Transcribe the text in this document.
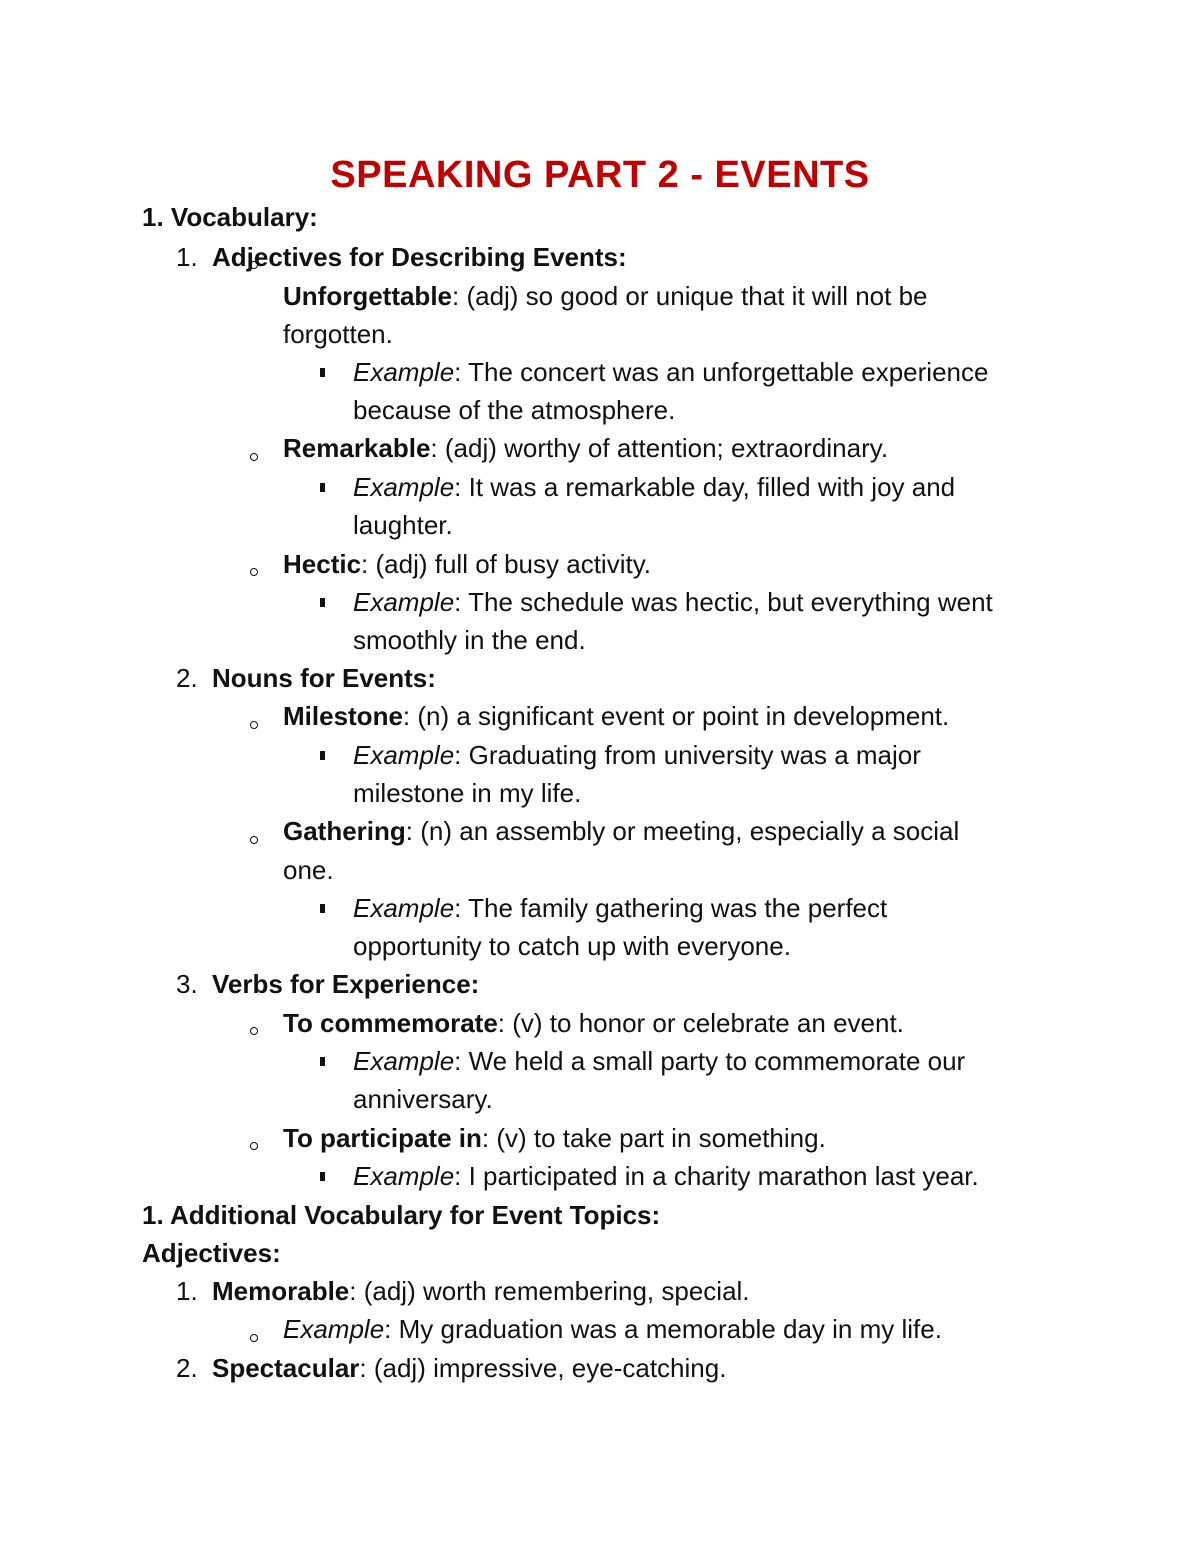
SPEAKING PART 2 - EVENTS
1. Vocabulary:
1. Adjectives for Describing Events:
Unforgettable: (adj) so good or unique that it will not be
forgotten.
Example: The concert was an unforgettable experience
because of the atmosphere.
Remarkable: (adj) worthy of attention; extraordinary.
Example: It was a remarkable day, filled with joy and
laughter.
Hectic: (adj) full of busy activity.
Example: The schedule was hectic, but everything went
smoothly in the end.
2. Nouns for Events:
Milestone: (n) a significant event or point in development.
Example: Graduating from university was a major
milestone in my life.
Gathering: (n) an assembly or meeting, especially a social
one.
Example: The family gathering was the perfect
opportunity to catch up with everyone.
3. Verbs for Experience:
To commemorate: (v) to honor or celebrate an event.
Example: We held a small party to commemorate our
anniversary.
To participate in: (v) to take part in something.
Example: I participated in a charity marathon last year.
1. Additional Vocabulary for Event Topics:
Adjectives:
1. Memorable: (adj) worth remembering, special.
Example: My graduation was a memorable day in my life.
2. Spectacular: (adj) impressive, eye-catching.
